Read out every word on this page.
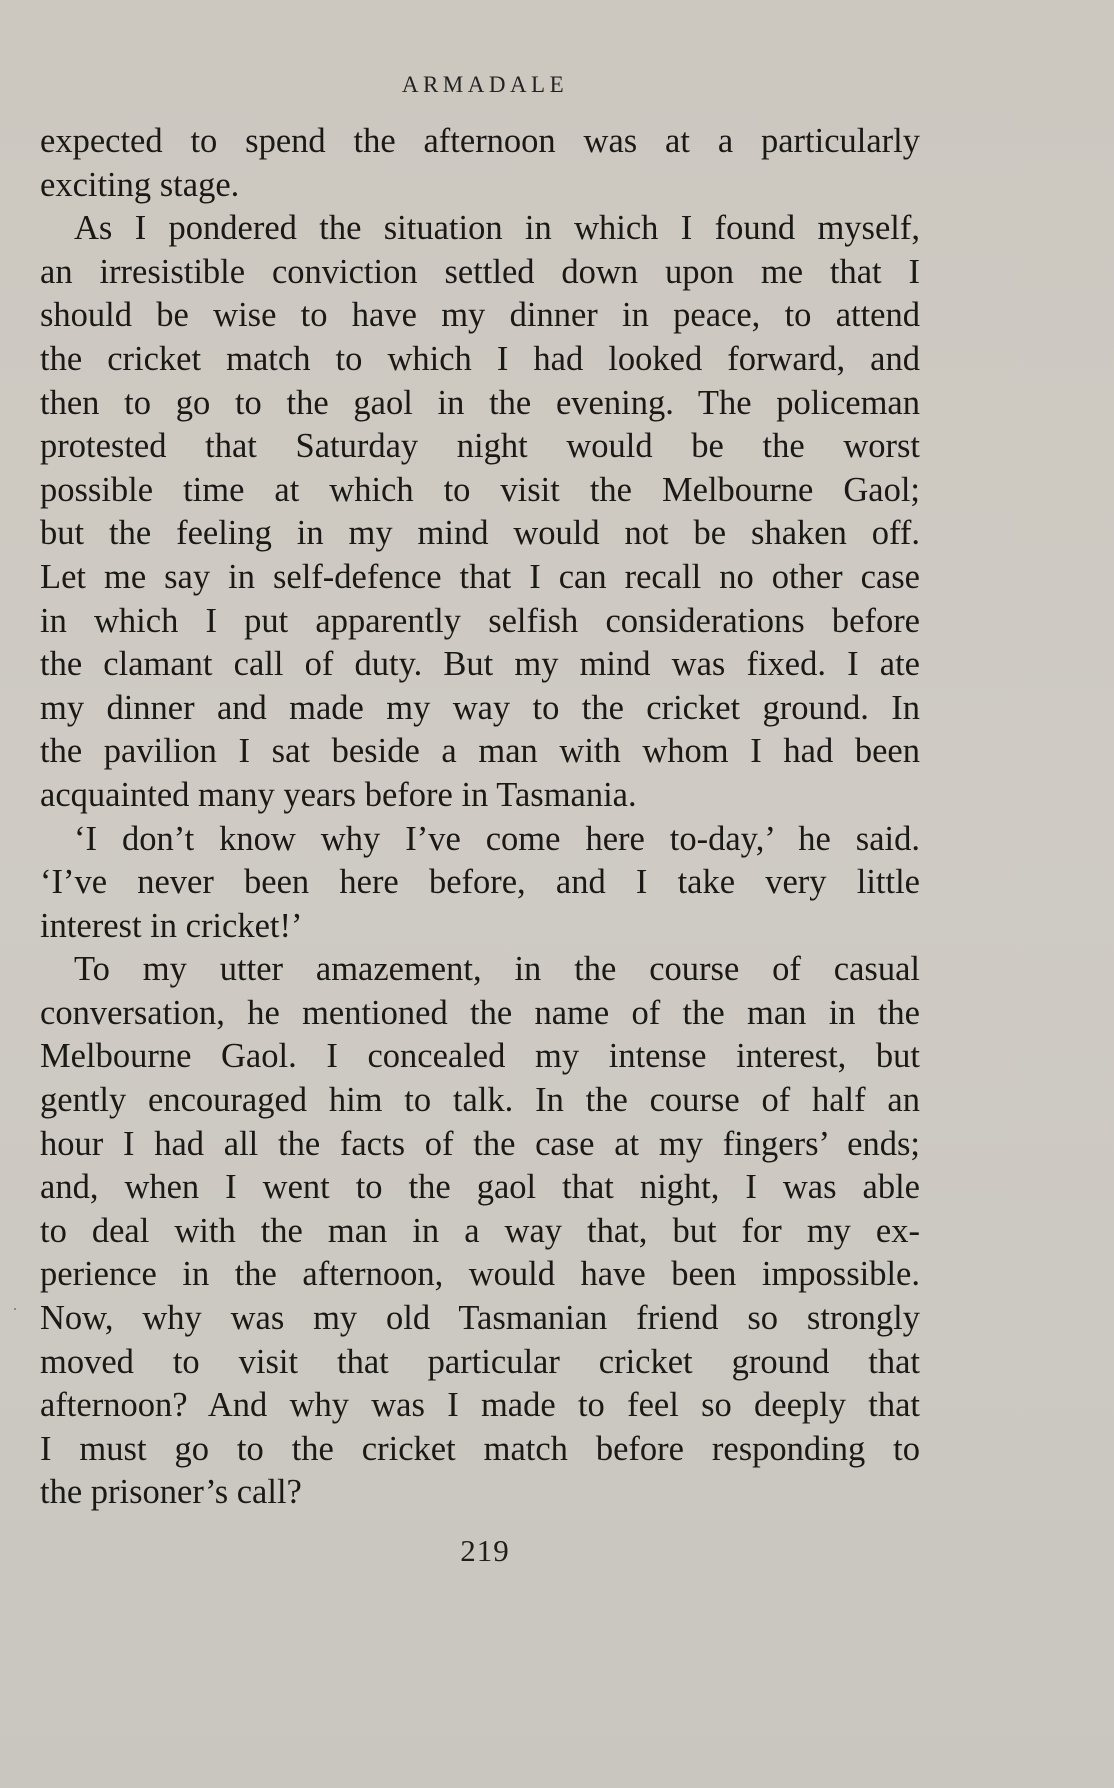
ARMADALE
expected to spend the afternoon was at a particularly
exciting stage.
As I pondered the situation in which I found myself,
an irresistible conviction settled down upon me that I
should be wise to have my dinner in peace, to attend
the cricket match to which I had looked forward, and
then to go to the gaol in the evening. The policeman
protested that Saturday night would be the worst
possible time at which to visit the Melbourne Gaol;
but the feeling in my mind would not be shaken off.
Let me say in self-defence that I can recall no other case
in which I put apparently selfish considerations before
the clamant call of duty. But my mind was fixed. I ate
my dinner and made my way to the cricket ground. In
the pavilion I sat beside a man with whom I had been
acquainted many years before in Tasmania.
‘I don’t know why I’ve come here to-day,’ he said.
‘I’ve never been here before, and I take very little
interest in cricket!’
To my utter amazement, in the course of casual
conversation, he mentioned the name of the man in the
Melbourne Gaol. I concealed my intense interest, but
gently encouraged him to talk. In the course of half an
hour I had all the facts of the case at my fingers’ ends;
and, when I went to the gaol that night, I was able
to deal with the man in a way that, but for my ex-
perience in the afternoon, would have been impossible.
Now, why was my old Tasmanian friend so strongly
moved to visit that particular cricket ground that
afternoon? And why was I made to feel so deeply that
I must go to the cricket match before responding to
the prisoner’s call?
219
